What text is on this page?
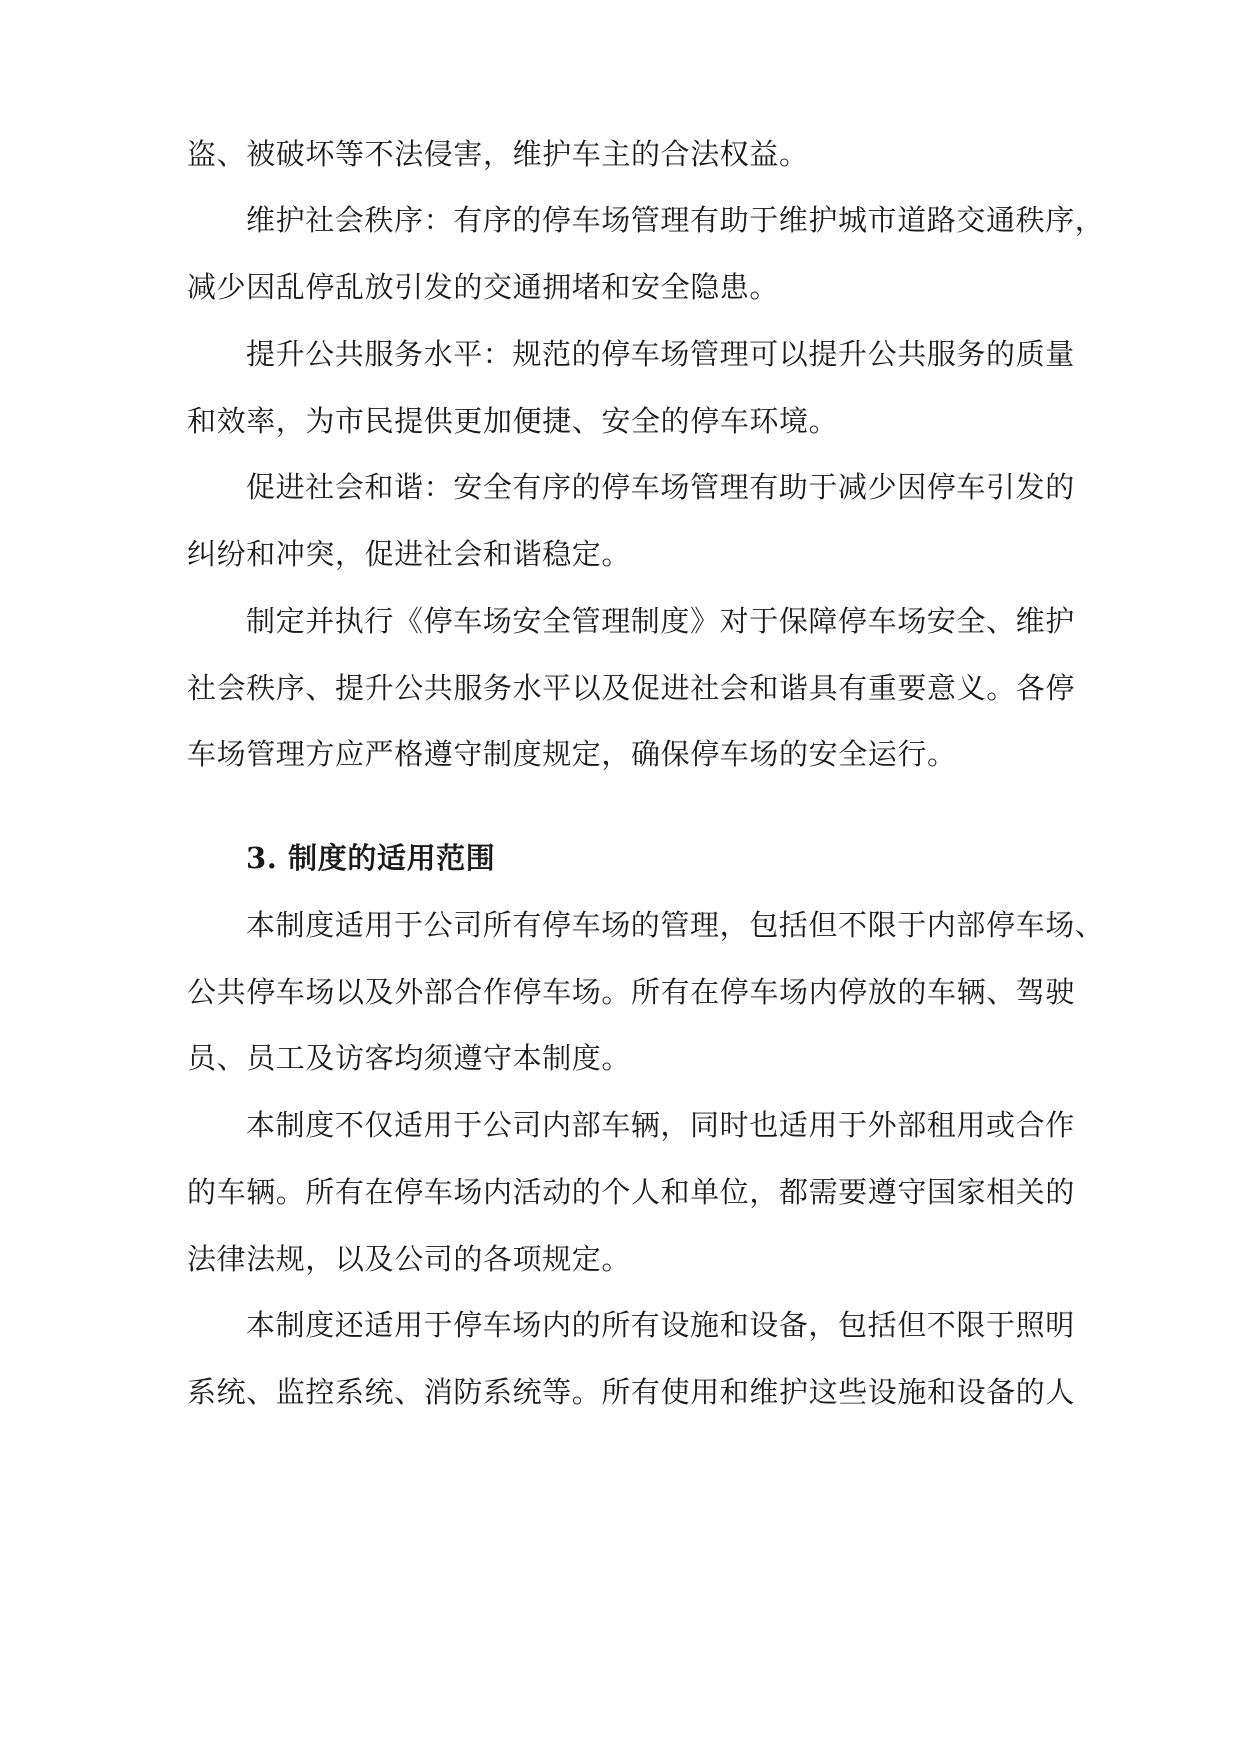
盗、被破坏等不法侵害，维护车主的合法权益。
维护社会秩序：有序的停车场管理有助于维护城市道路交通秩序，
减少因乱停乱放引发的交通拥堵和安全隐患。
提升公共服务水平：规范的停车场管理可以提升公共服务的质量
和效率，为市民提供更加便捷、安全的停车环境。
促进社会和谐：安全有序的停车场管理有助于减少因停车引发的
纠纷和冲突，促进社会和谐稳定。
制定并执行《停车场安全管理制度》对于保障停车场安全、维护
社会秩序、提升公共服务水平以及促进社会和谐具有重要意义。各停
车场管理方应严格遵守制度规定，确保停车场的安全运行。
3. 制度的适用范围
本制度适用于公司所有停车场的管理，包括但不限于内部停车场、
公共停车场以及外部合作停车场。所有在停车场内停放的车辆、驾驶
员、员工及访客均须遵守本制度。
本制度不仅适用于公司内部车辆，同时也适用于外部租用或合作
的车辆。所有在停车场内活动的个人和单位，都需要遵守国家相关的
法律法规，以及公司的各项规定。
本制度还适用于停车场内的所有设施和设备，包括但不限于照明
系统、监控系统、消防系统等。所有使用和维护这些设施和设备的人
